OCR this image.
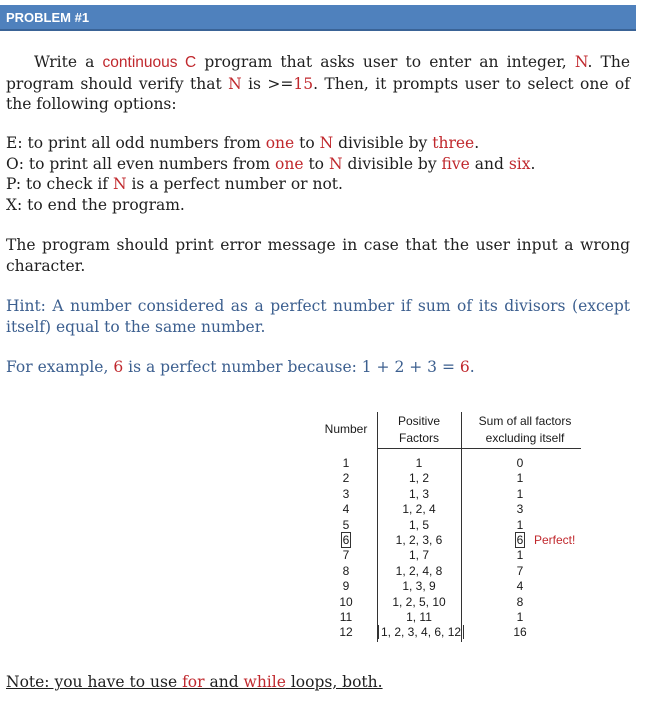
PROBLEM #1
Write a continuous C program that asks user to enter an integer, N. The program should verify that N is >=15. Then, it prompts user to select one of the following options:
E: to print all odd numbers from one to N divisible by three.
O: to print all even numbers from one to N divisible by five and six.
P: to check if N is a perfect number or not.
X: to end the program.
The program should print error message in case that the user input a wrong character.
Hint: A number considered as a perfect number if sum of its divisors (except itself) equal to the same number.
For example, 6 is a perfect number because: 1 + 2 + 3 = 6.
Number
Positive
Factors
Sum of all factors
excluding itself
1
2
3
4
5
6
7
8
9
10
11
12
1
1, 2
1, 3
1, 2, 4
1, 5
1, 2, 3, 6
1, 7
1, 2, 4, 8
1, 3, 9
1, 2, 5, 10
1, 11
1, 2, 3, 4, 6, 12
0
1
1
3
1
6
1
7
4
8
1
16
Perfect!
Note: you have to use for and while loops, both.
